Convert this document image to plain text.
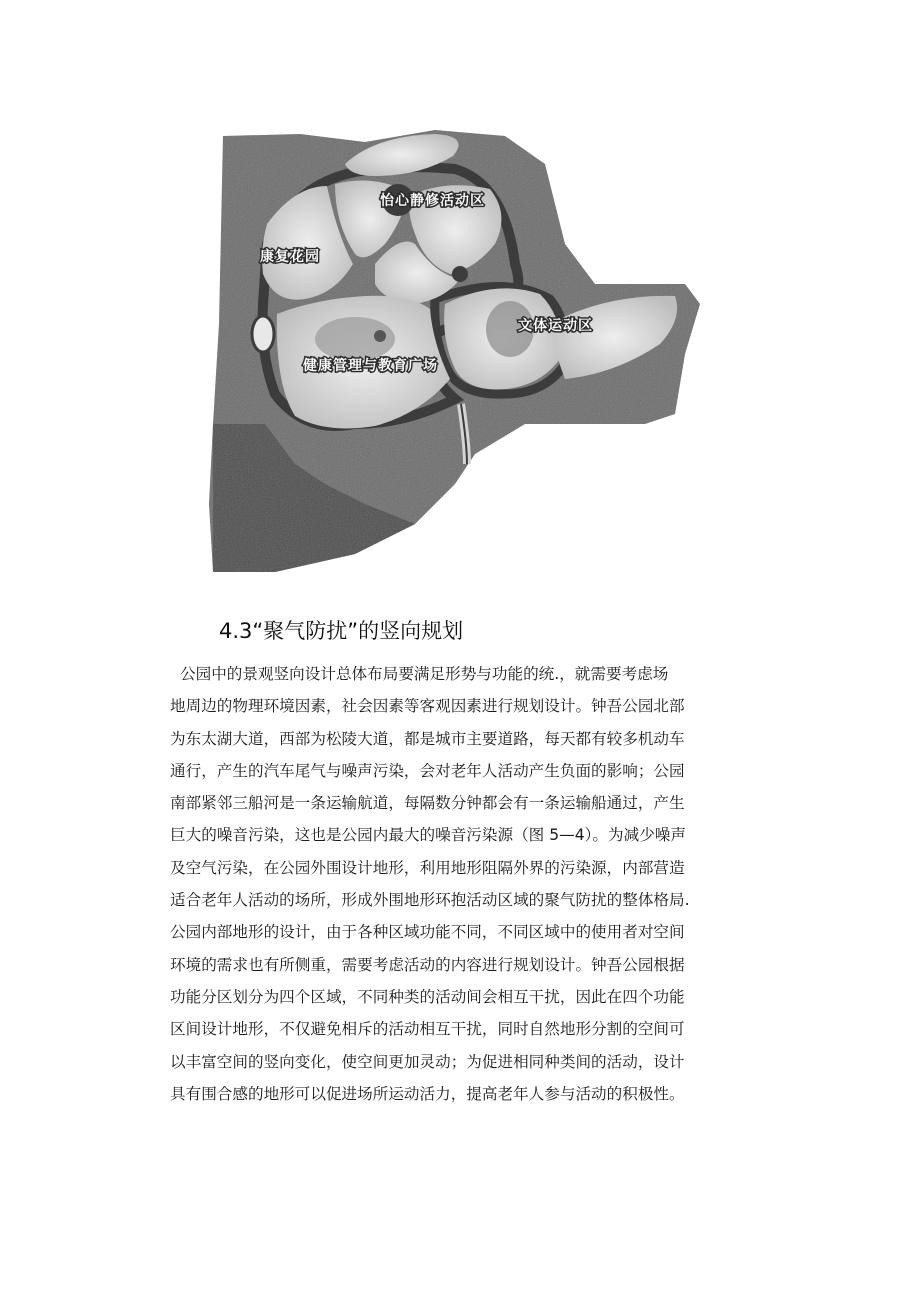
怡心静修活动区
康复花园
文体运动区
健康管理与教育广场
4.3“聚气防扰”的竖向规划
公园中的景观竖向设计总体布局要满足形势与功能的统.，就需要考虑场
地周边的物理环境因素，社会因素等客观因素进行规划设计。钟吾公园北部
为东太湖大道，西部为松陵大道，都是城市主要道路，每天都有较多机动车
通行，产生的汽车尾气与噪声污染，会对老年人活动产生负面的影响；公园
南部紧邻三船河是一条运输航道，每隔数分钟都会有一条运输船通过，产生
巨大的噪音污染，这也是公园内最大的噪音污染源（图 5—4）。为减少噪声
及空气污染，在公园外围设计地形，利用地形阻隔外界的污染源，内部营造
适合老年人活动的场所，形成外围地形环抱活动区域的聚气防扰的整体格局.
公园内部地形的设计，由于各种区域功能不同，不同区域中的使用者对空间
环境的需求也有所侧重，需要考虑活动的内容进行规划设计。钟吾公园根据
功能分区划分为四个区域，不同种类的活动间会相互干扰，因此在四个功能
区间设计地形，不仅避免相斥的活动相互干扰，同时自然地形分割的空间可
以丰富空间的竖向变化，使空间更加灵动；为促进相同种类间的活动，设计
具有围合感的地形可以促进场所运动活力，提高老年人参与活动的积极性。
